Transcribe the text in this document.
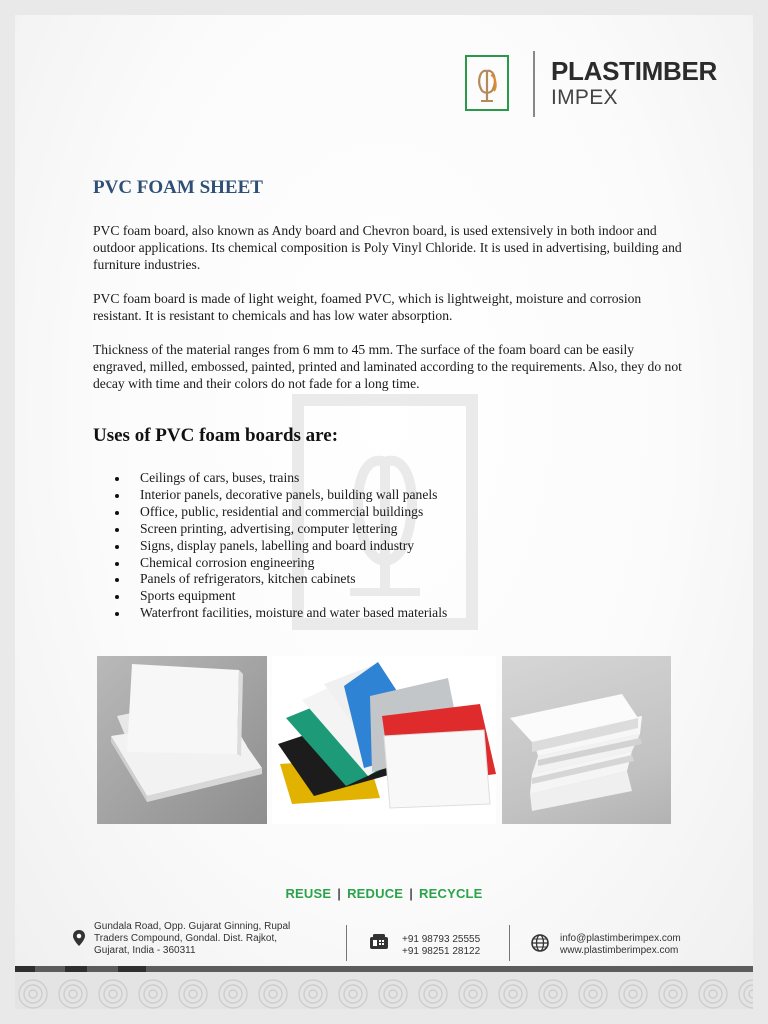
PLASTIMBER
IMPEX
PVC FOAM SHEET

PVC foam board, also known as Andy board and Chevron board, is used extensively in both indoor and outdoor applications. Its chemical composition is Poly Vinyl Chloride. It is used in advertising, building and furniture industries.

PVC foam board is made of light weight, foamed PVC, which is lightweight, moisture and corrosion resistant. It is resistant to chemicals and has low water absorption.

Thickness of the material ranges from 6 mm to 45 mm. The surface of the foam board can be easily engraved, milled, embossed, painted, printed and laminated according to the requirements. Also, they do not decay with time and their colors do not fade for a long time.

Uses of PVC foam boards are:
Ceilings of cars, buses, trains
Interior panels, decorative panels, building wall panels
Office, public, residential and commercial buildings
Screen printing, advertising, computer lettering
Signs, display panels, labelling and board industry
Chemical corrosion engineering
Panels of refrigerators, kitchen cabinets
Sports equipment
Waterfront facilities, moisture and water based materials
REUSE | REDUCE | RECYCLE
Gundala Road, Opp. Gujarat Ginning, Rupal
Traders Compound, Gondal. Dist. Rajkot,
Gujarat, India - 360311
+91 98793 25555
+91 98251 28122
info@plastimberimpex.com
www.plastimberimpex.com
